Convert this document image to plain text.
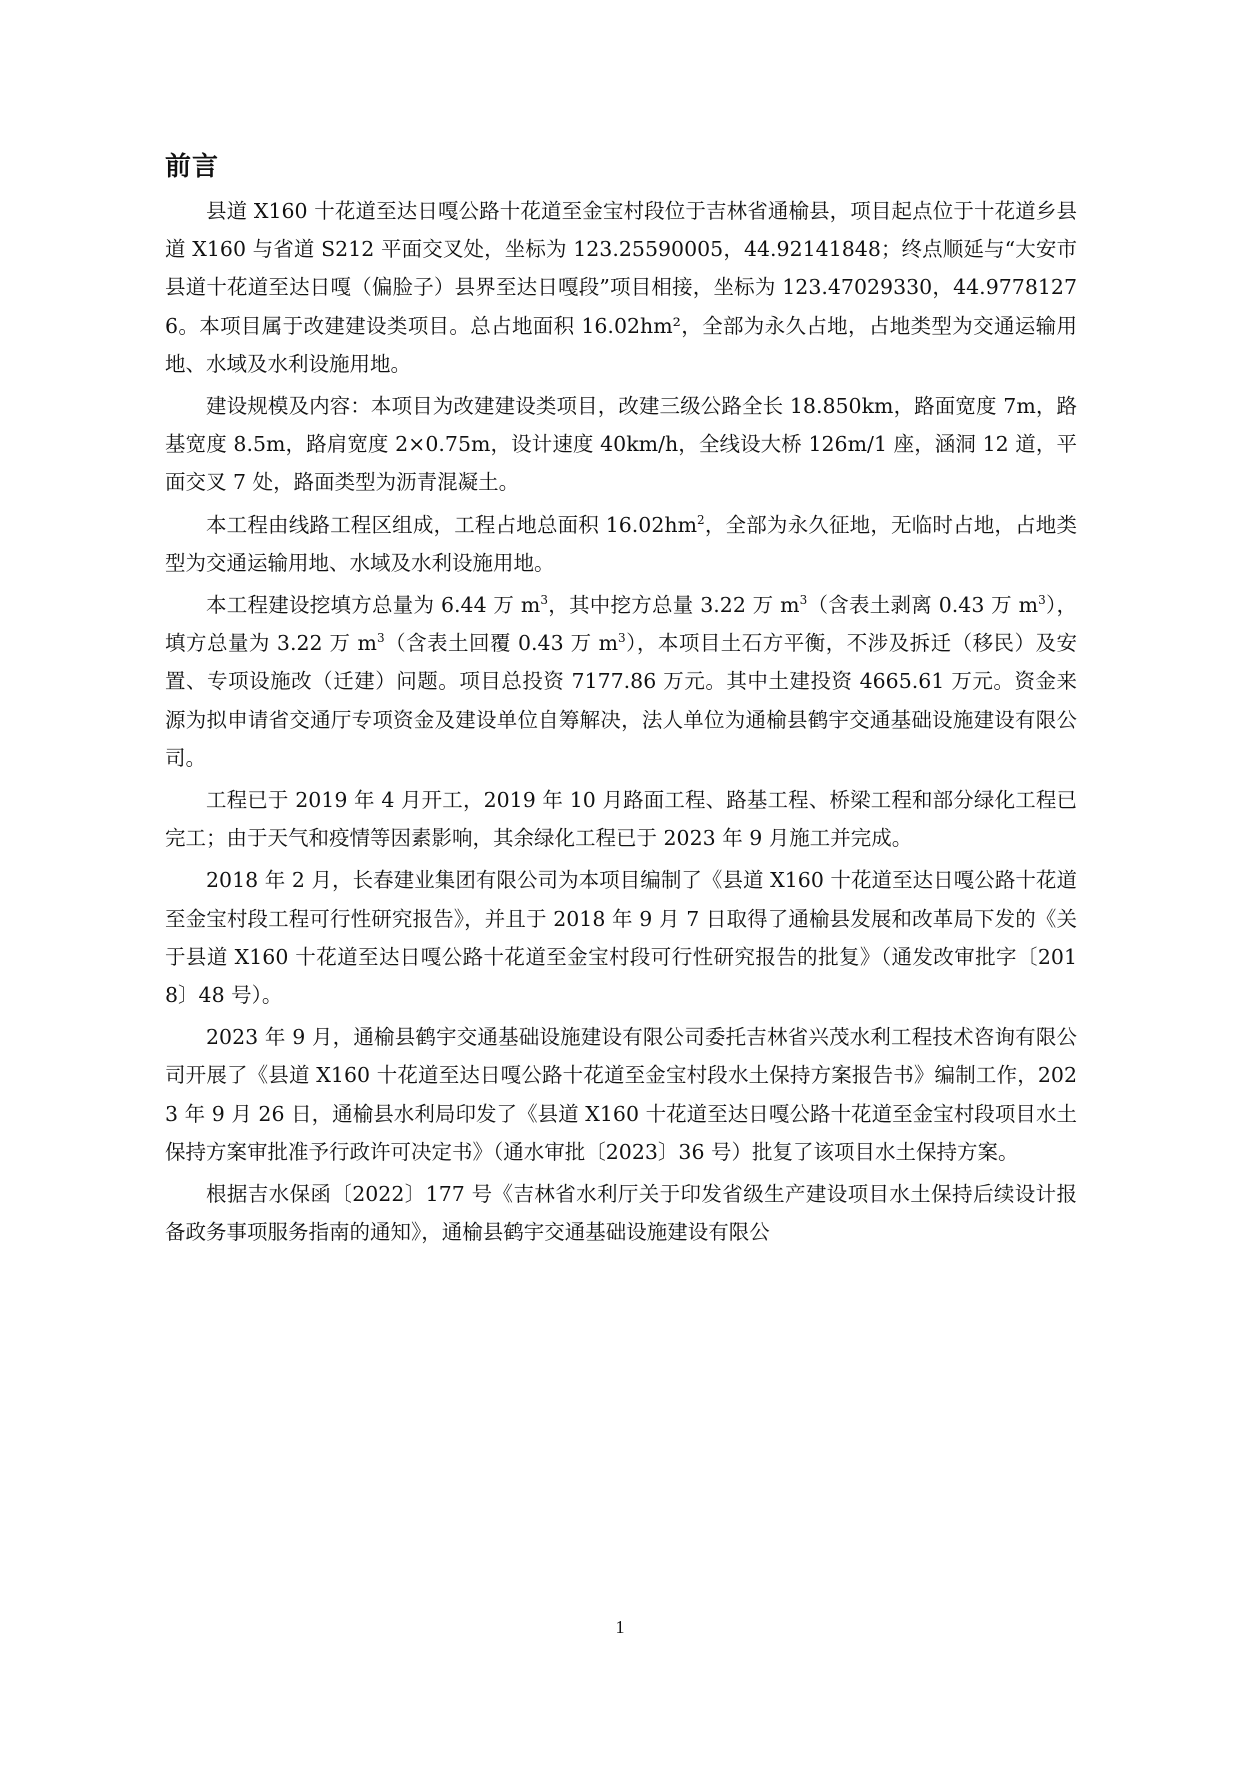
前言

县道 X160 十花道至达日嘎公路十花道至金宝村段位于吉林省通榆县，项目起点位于十花道乡县道 X160 与省道 S212 平面交叉处，坐标为 123.25590005，44.92141848；终点顺延与“大安市县道十花道至达日嘎（偏脸子）县界至达日嘎段”项目相接，坐标为 123.47029330，44.97781276。本项目属于改建建设类项目。总占地面积 16.02hm²，全部为永久占地，占地类型为交通运输用地、水域及水利设施用地。

建设规模及内容：本项目为改建建设类项目，改建三级公路全长 18.850km，路面宽度 7m，路基宽度 8.5m，路肩宽度 2×0.75m，设计速度 40km/h，全线设大桥 126m/1 座，涵洞 12 道，平面交叉 7 处，路面类型为沥青混凝土。

本工程由线路工程区组成，工程占地总面积 $16.02hm^2$，全部为永久征地，无临时占地，占地类型为交通运输用地、水域及水利设施用地。

本工程建设挖填方总量为 6.44 万 $m^3$，其中挖方总量 3.22 万 $m^3$（含表土剥离 0.43 万 $m^3$），填方总量为 3.22 万 $m^3$（含表土回覆 0.43 万 $m^3$），本项目土石方平衡，不涉及拆迁（移民）及安置、专项设施改（迁建）问题。项目总投资 7177.86 万元。其中土建投资 4665.61 万元。资金来源为拟申请省交通厅专项资金及建设单位自筹解决，法人单位为通榆县鹤宇交通基础设施建设有限公司。

工程已于 2019 年 4 月开工，2019 年 10 月路面工程、路基工程、桥梁工程和部分绿化工程已完工；由于天气和疫情等因素影响，其余绿化工程已于 2023 年 9 月施工并完成。

2018 年 2 月，长春建业集团有限公司为本项目编制了《县道 X160 十花道至达日嘎公路十花道至金宝村段工程可行性研究报告》，并且于 2018 年 9 月 7 日取得了通榆县发展和改革局下发的《关于县道 X160 十花道至达日嘎公路十花道至金宝村段可行性研究报告的批复》（通发改审批字〔2018〕48 号）。

2023 年 9 月，通榆县鹤宇交通基础设施建设有限公司委托吉林省兴茂水利工程技术咨询有限公司开展了《县道 X160 十花道至达日嘎公路十花道至金宝村段水土保持方案报告书》编制工作，2023 年 9 月 26 日，通榆县水利局印发了《县道 X160 十花道至达日嘎公路十花道至金宝村段项目水土保持方案审批准予行政许可决定书》（通水审批〔2023〕36 号）批复了该项目水土保持方案。

根据吉水保函〔2022〕177 号《吉林省水利厅关于印发省级生产建设项目水土保持后续设计报备政务事项服务指南的通知》，通榆县鹤宇交通基础设施建设有限公

1
